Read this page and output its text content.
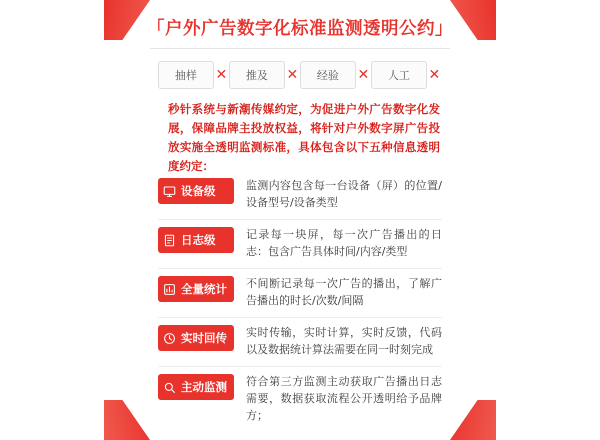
「户外广告数字化标准监测透明公约」
抽样 ✕ 推及 ✕ 经验 ✕ 人工 ✕
秒针系统与新潮传媒约定，为促进户外广告数字化发展，保障品牌主投放权益，将针对户外数字屏广告投放实施全透明监测标准，具体包含以下五种信息透明度约定：
设备级	监测内容包含每一台设备（屏）的位置/设备型号/设备类型
日志级	记录每一块屏，每一次广告播出的日志：包含广告具体时间/内容/类型
全量统计	不间断记录每一次广告的播出，了解广告播出的时长/次数/间隔
实时回传	实时传输，实时计算，实时反馈，代码以及数据统计算法需要在同一时刻完成
主动监测	符合第三方监测主动获取广告播出日志需要，数据获取流程公开透明给予品牌方；
